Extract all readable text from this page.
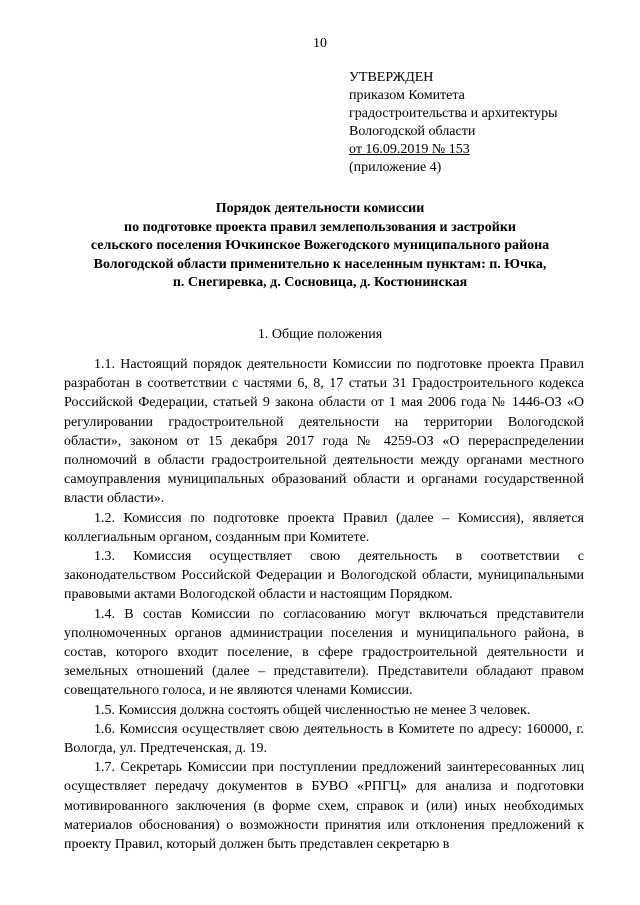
10
УТВЕРЖДЕН
приказом Комитета
градостроительства и архитектуры
Вологодской области
от 16.09.2019 № 153
(приложение 4)
Порядок деятельности комиссии
по подготовке проекта правил землепользования и застройки
сельского поселения Ючкинское Вожегодского муниципального района
Вологодской области применительно к населенным пунктам: п. Ючка,
п. Снегиревка, д. Сосновица, д. Костюнинская
1. Общие положения

1.1. Настоящий порядок деятельности Комиссии по подготовке проекта Правил разработан в соответствии с частями 6, 8, 17 статьи 31 Градостроительного кодекса Российской Федерации, статьей 9 закона области от 1 мая 2006 года № 1446-ОЗ «О регулировании градостроительной деятельности на территории Вологодской области», законом от 15 декабря 2017 года № 4259-ОЗ «О перераспределении полномочий в области градостроительной деятельности между органами местного самоуправления муниципальных образований области и органами государственной власти области».

1.2. Комиссия по подготовке проекта Правил (далее – Комиссия), является коллегиальным органом, созданным при Комитете.

1.3. Комиссия осуществляет свою деятельность в соответствии с законодательством Российской Федерации и Вологодской области, муниципальными правовыми актами Вологодской области и настоящим Порядком.

1.4. В состав Комиссии по согласованию могут включаться представители уполномоченных органов администрации поселения и муниципального района, в состав, которого входит поселение, в сфере градостроительной деятельности и земельных отношений (далее – представители). Представители обладают правом совещательного голоса, и не являются членами Комиссии.

1.5. Комиссия должна состоять общей численностью не менее 3 человек.

1.6. Комиссия осуществляет свою деятельность в Комитете по адресу: 160000, г. Вологда, ул. Предтеченская, д. 19.

1.7. Секретарь Комиссии при поступлении предложений заинтересованных лиц осуществляет передачу документов в БУВО «РПГЦ» для анализа и подготовки мотивированного заключения (в форме схем, справок и (или) иных необходимых материалов обоснования) о возможности принятия или отклонения предложений к проекту Правил, который должен быть представлен секретарю в
